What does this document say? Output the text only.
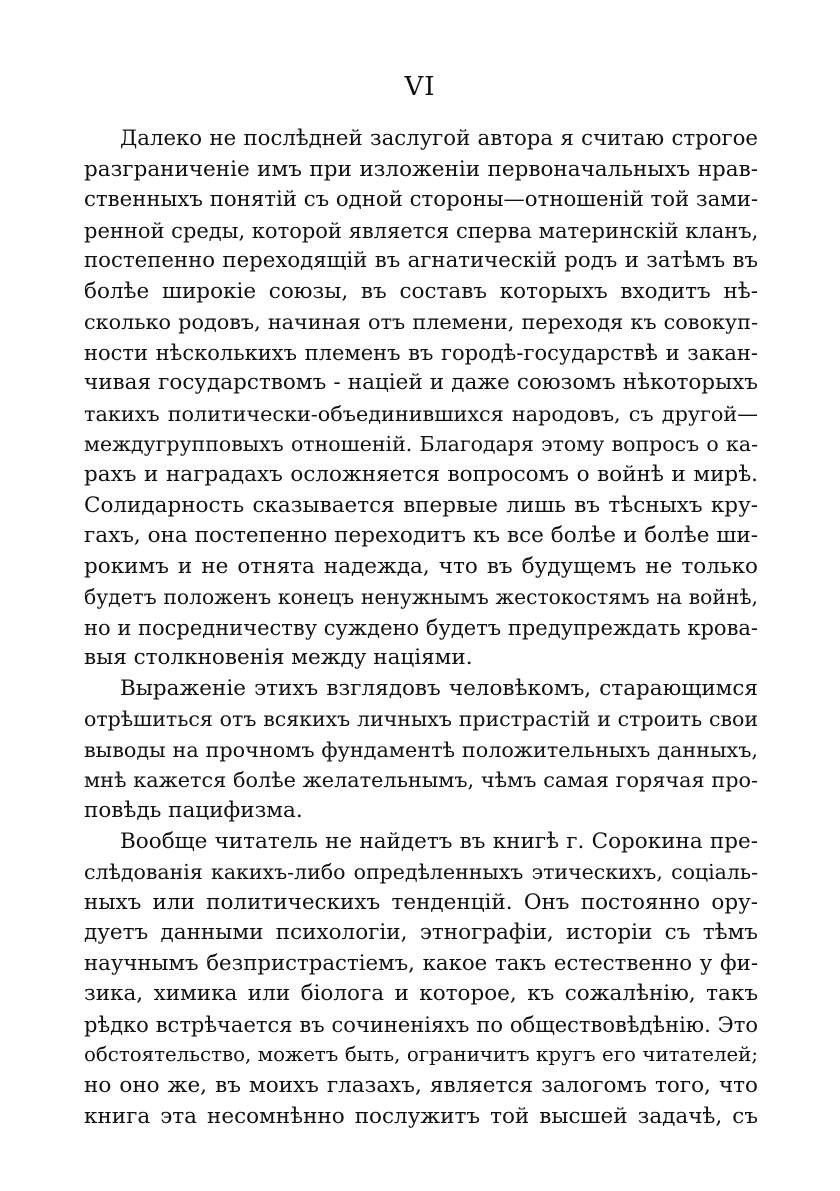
VI
Далеко не послѣдней заслугой автора я считаю строгое
разграниченіе имъ при изложеніи первоначальныхъ нрав-
ственныхъ понятій съ одной стороны—отношеній той зами-
ренной среды, которой является сперва материнскій кланъ,
постепенно переходящій въ агнатическій родъ и затѣмъ въ
болѣе широкіе союзы, въ составъ которыхъ входитъ нѣ-
сколько родовъ, начиная отъ племени, переходя къ совокуп-
ности нѣсколькихъ племенъ въ городѣ-государствѣ и закан-
чивая государствомъ - націей и даже союзомъ нѣкоторыхъ
такихъ политически-объединившихся народовъ, съ другой—
междугрупповыхъ отношеній. Благодаря этому вопросъ о ка-
рахъ и наградахъ осложняется вопросомъ о войнѣ и мирѣ.
Солидарность сказывается впервые лишь въ тѣсныхъ кру-
гахъ, она постепенно переходитъ къ все болѣе и болѣе ши-
рокимъ и не отнята надежда, что въ будущемъ не только
будетъ положенъ конецъ ненужнымъ жестокостямъ на войнѣ,
но и посредничеству суждено будетъ предупреждать крова-
выя столкновенія между націями.
Выраженіе этихъ взглядовъ человѣкомъ, старающимся
отрѣшиться отъ всякихъ личныхъ пристрастій и строить свои
выводы на прочномъ фундаментѣ положительныхъ данныхъ,
мнѣ кажется болѣе желательнымъ, чѣмъ самая горячая про-
повѣдь пацифизма.
Вообще читатель не найдетъ въ книгѣ г. Сорокина пре-
слѣдованія какихъ-либо опредѣленныхъ этическихъ, соціаль-
ныхъ или политическихъ тенденцій. Онъ постоянно ору-
дуетъ данными психологіи, этнографіи, исторіи съ тѣмъ
научнымъ безпристрастіемъ, какое такъ естественно у фи-
зика, химика или біолога и которое, къ сожалѣнію, такъ
рѣдко встрѣчается въ сочиненіяхъ по обществовѣдѣнію. Это
обстоятельство, можетъ быть, ограничитъ кругъ его читателей;
но оно же, въ моихъ глазахъ, является залогомъ того, что
книга эта несомнѣнно послужитъ той высшей задачѣ, съ
